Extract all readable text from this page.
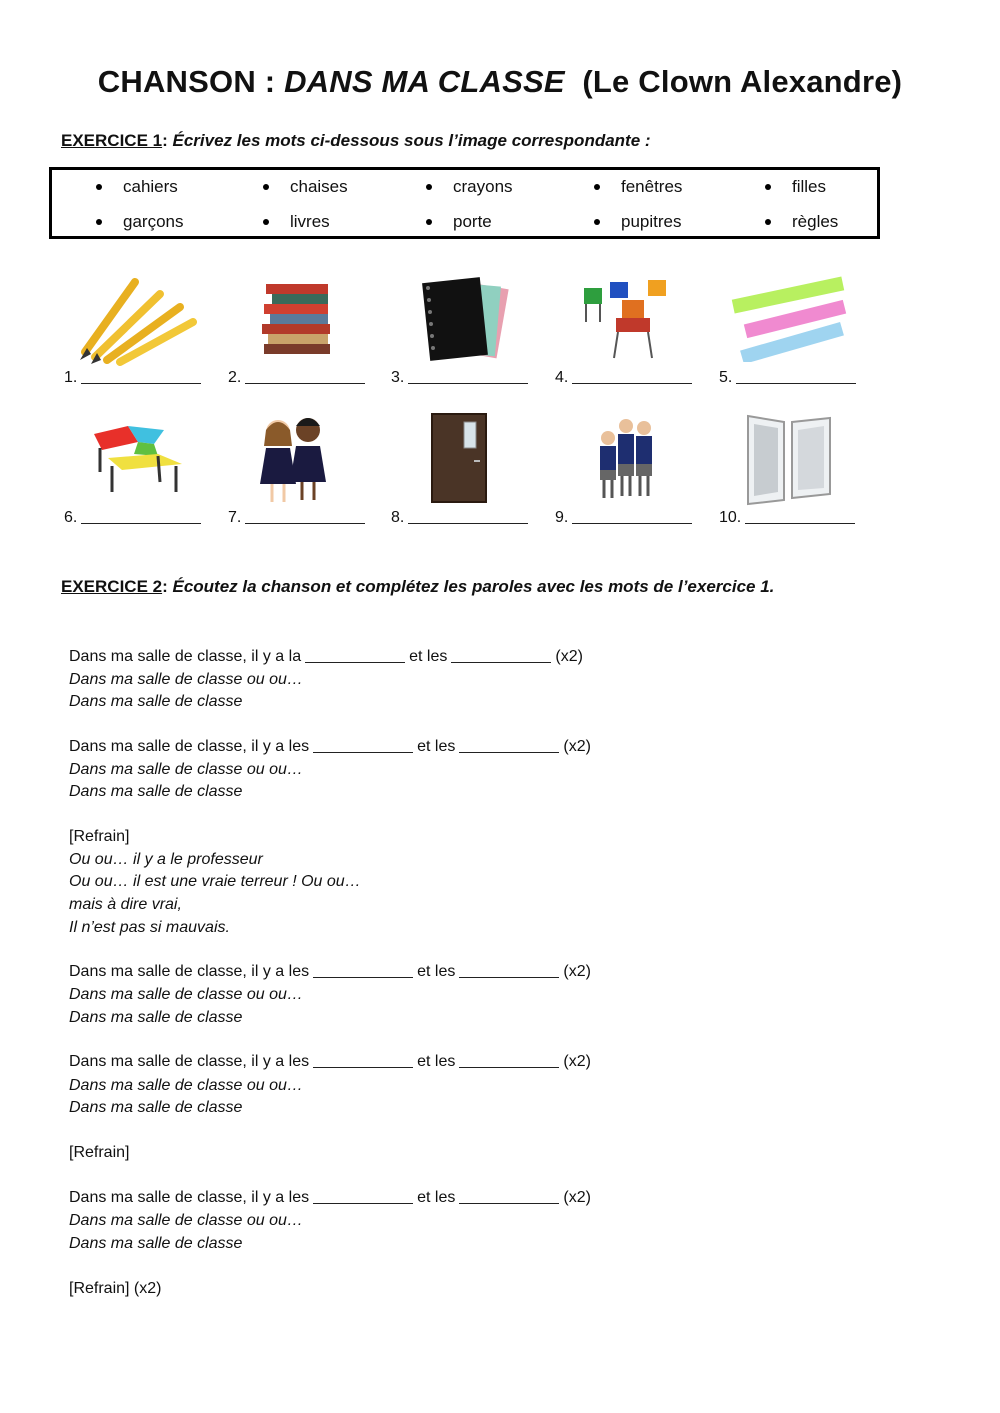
CHANSON : DANS MA CLASSE (Le Clown Alexandre)
EXERCICE 1: Écrivez les mots ci-dessous sous l’image correspondante :
cahiers	chaises	crayons	fenêtres	filles
garçons	livres	porte	pupitres	règles
1.	2.	3.	4.	5.
6.	7.	8.	9.	10.
EXERCICE 2: Écoutez la chanson et complétez les paroles avec les mots de l’exercice 1.
Dans ma salle de classe, il y a la	et les	(x2)
Dans ma salle de classe ou ou…
Dans ma salle de classe
Dans ma salle de classe, il y a les	et les	(x2)
Dans ma salle de classe ou ou…
Dans ma salle de classe
[Refrain]
Ou ou… il y a le professeur
Ou ou… il est une vraie terreur ! Ou ou…
mais à dire vrai,
Il n’est pas si mauvais.
Dans ma salle de classe, il y a les	et les	(x2)
Dans ma salle de classe ou ou…
Dans ma salle de classe
Dans ma salle de classe, il y a les	et les	(x2)
Dans ma salle de classe ou ou…
Dans ma salle de classe
[Refrain]
Dans ma salle de classe, il y a les	et les	(x2)
Dans ma salle de classe ou ou…
Dans ma salle de classe
[Refrain] (x2)
